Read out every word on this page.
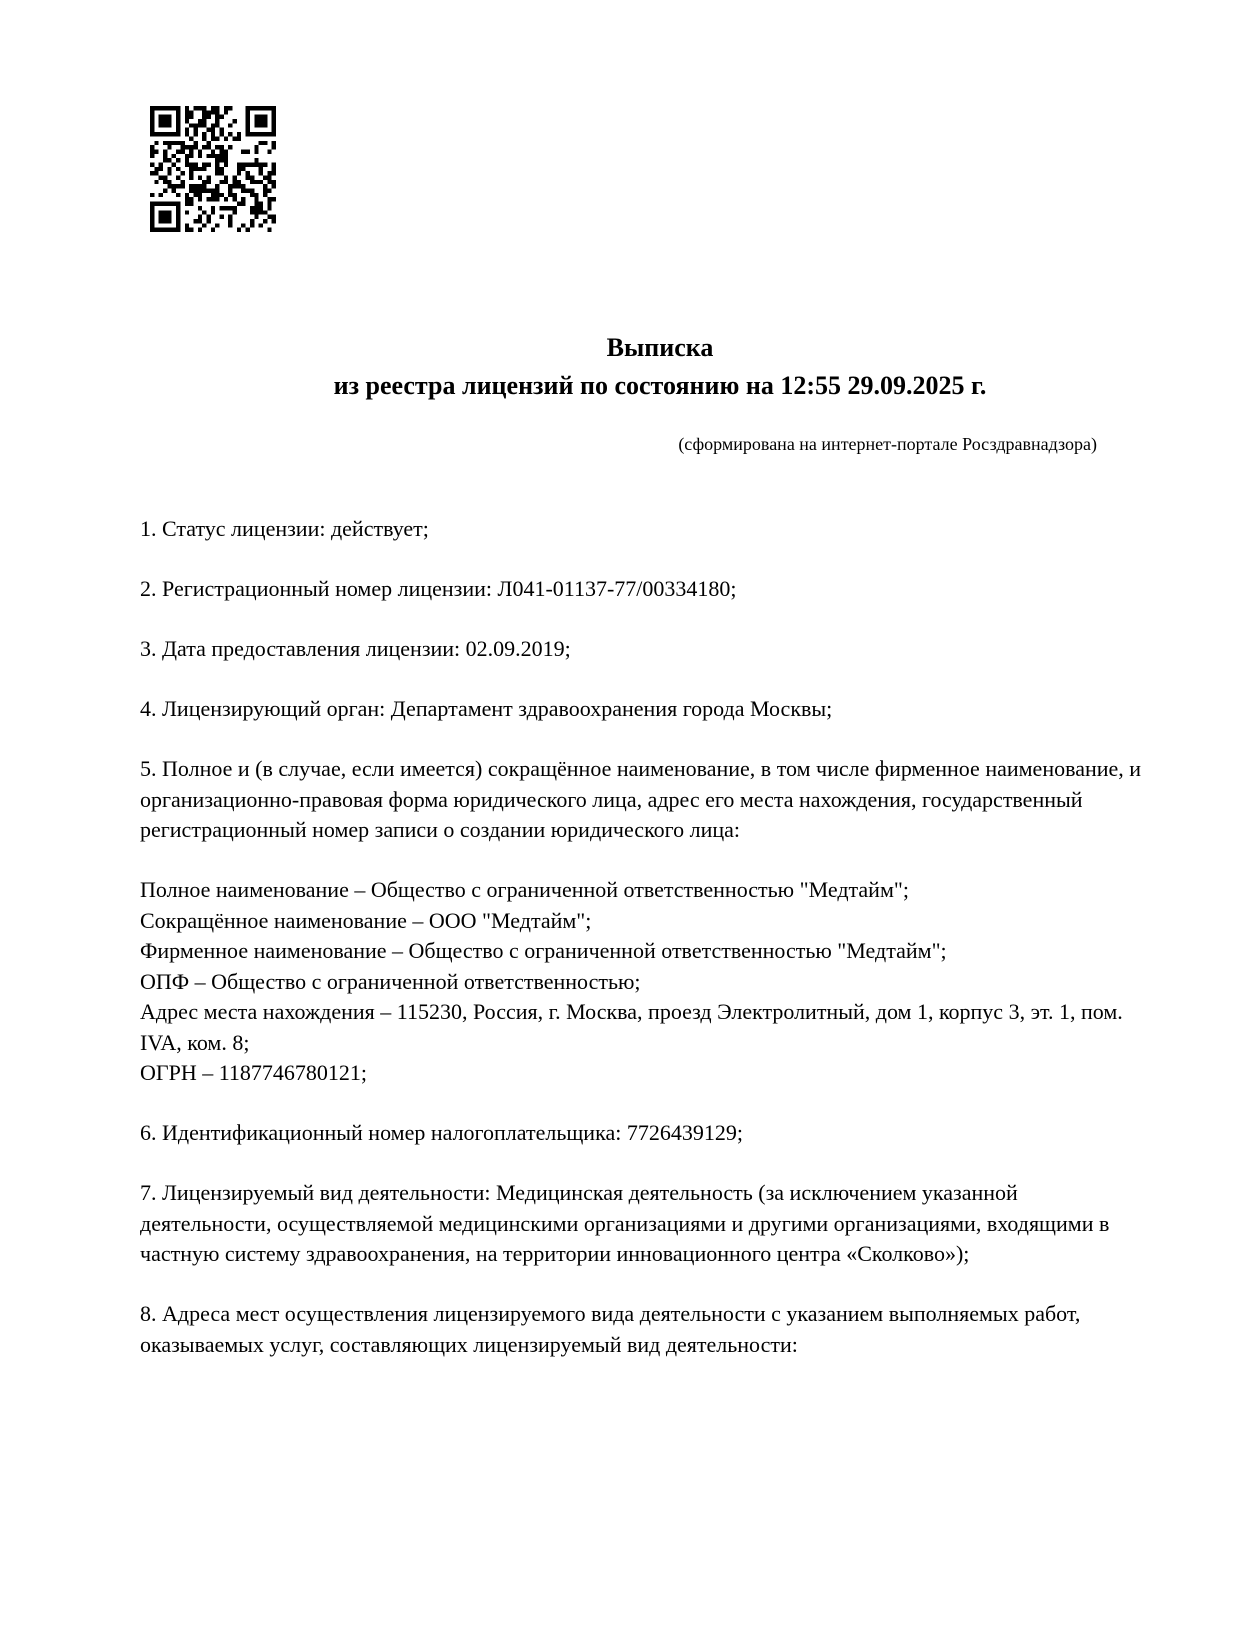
Выписка
из реестра лицензий по состоянию на 12:55 29.09.2025 г.
(сформирована на интернет-портале Росздравнадзора)
1. Статус лицензии: действует;
2. Регистрационный номер лицензии: Л041-01137-77/00334180;
3. Дата предоставления лицензии: 02.09.2019;
4. Лицензирующий орган: Департамент здравоохранения города Москвы;
5. Полное и (в случае, если имеется) сокращённое наименование, в том числе фирменное наименование, и организационно-правовая форма юридического лица, адрес его места нахождения, государственный регистрационный номер записи о создании юридического лица:
Полное наименование – Общество с ограниченной ответственностью "Медтайм";
Сокращённое наименование – ООО "Медтайм";
Фирменное наименование – Общество с ограниченной ответственностью "Медтайм";
ОПФ – Общество с ограниченной ответственностью;
Адрес места нахождения – 115230, Россия, г. Москва, проезд Электролитный, дом 1, корпус 3, эт. 1, пом. IVA, ком. 8;
ОГРН – 1187746780121;
6. Идентификационный номер налогоплательщика: 7726439129;
7. Лицензируемый вид деятельности: Медицинская деятельность (за исключением указанной деятельности, осуществляемой медицинскими организациями и другими организациями, входящими в частную систему здравоохранения, на территории инновационного центра «Сколково»);
8. Адреса мест осуществления лицензируемого вида деятельности с указанием выполняемых работ, оказываемых услуг, составляющих лицензируемый вид деятельности:
